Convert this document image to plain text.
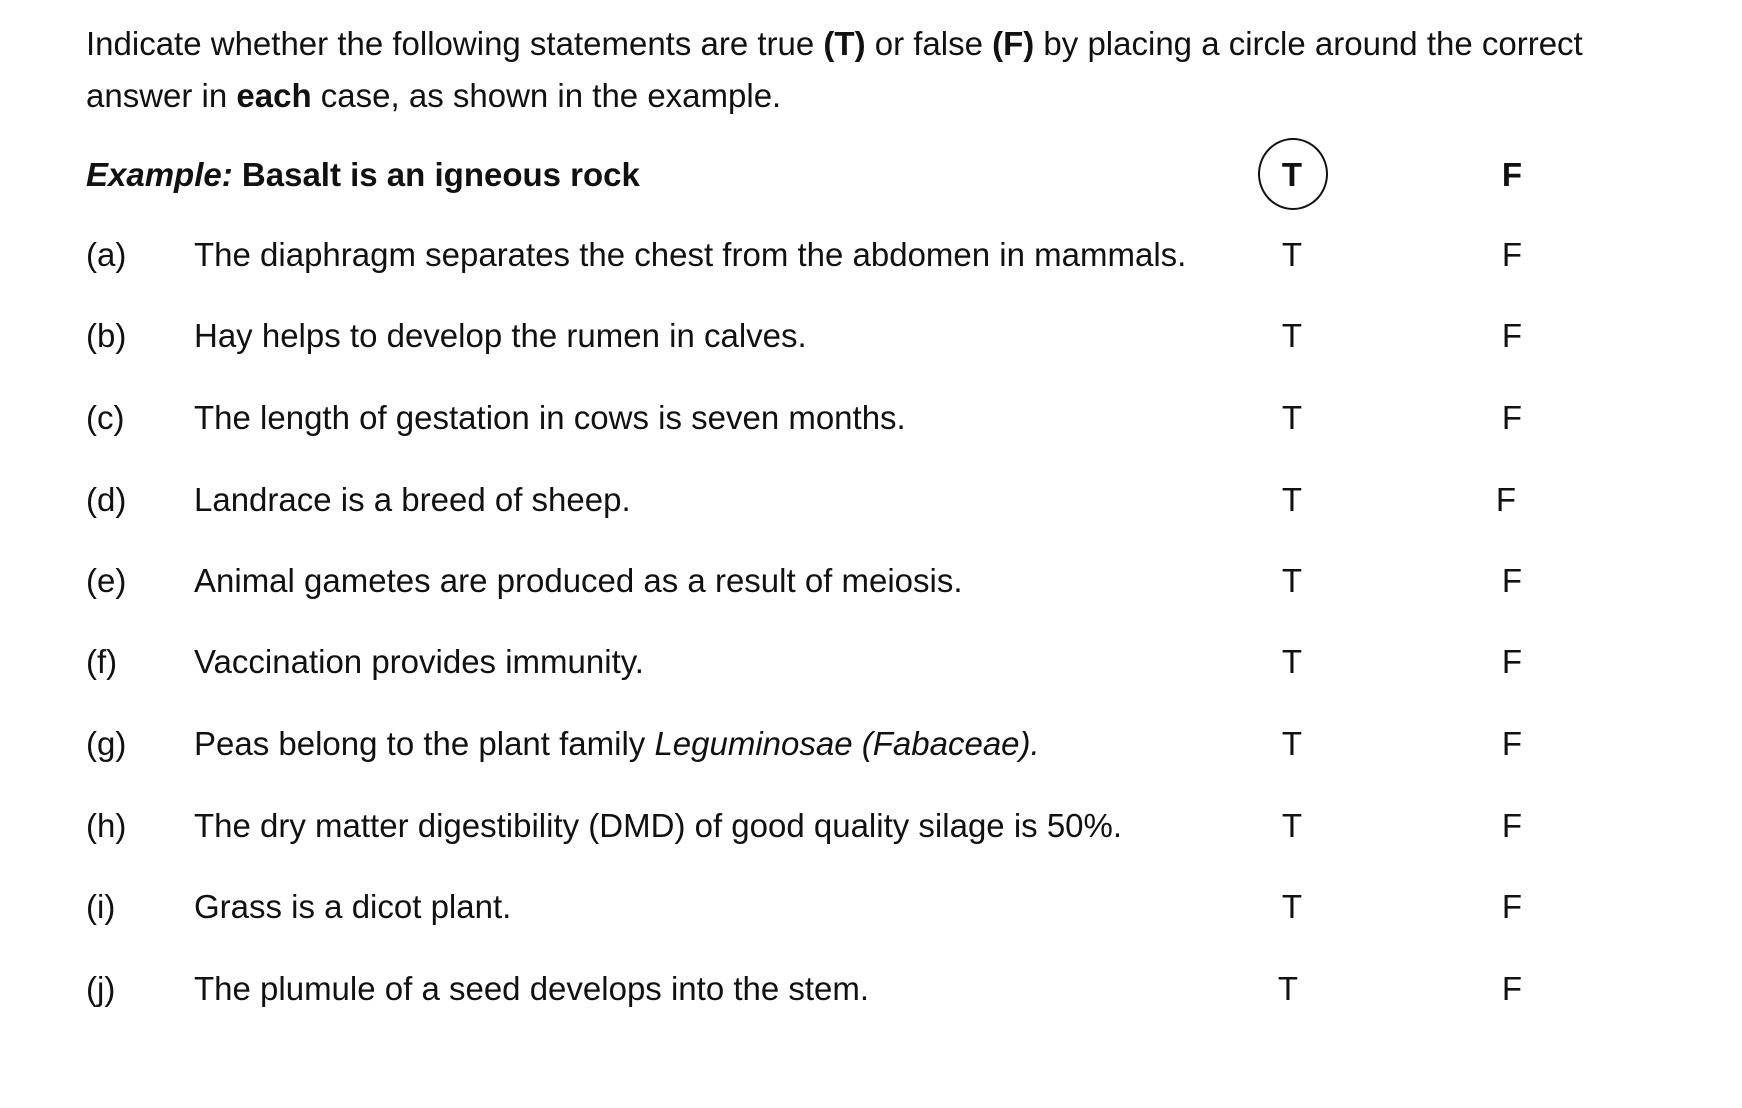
Indicate whether the following statements are true (T) or false (F) by placing a circle around the correct answer in each case, as shown in the example.

Example: Basalt is an igneous rock	T	F
(a) The diaphragm separates the chest from the abdomen in mammals.	T	F
(b) Hay helps to develop the rumen in calves.	T	F
(c) The length of gestation in cows is seven months.	T	F
(d) Landrace is a breed of sheep.	T	F
(e) Animal gametes are produced as a result of meiosis.	T	F
(f) Vaccination provides immunity.	T	F
(g) Peas belong to the plant family Leguminosae (Fabaceae).	T	F
(h) The dry matter digestibility (DMD) of good quality silage is 50%.	T	F
(i) Grass is a dicot plant.	T	F
(j) The plumule of a seed develops into the stem.	T	F
